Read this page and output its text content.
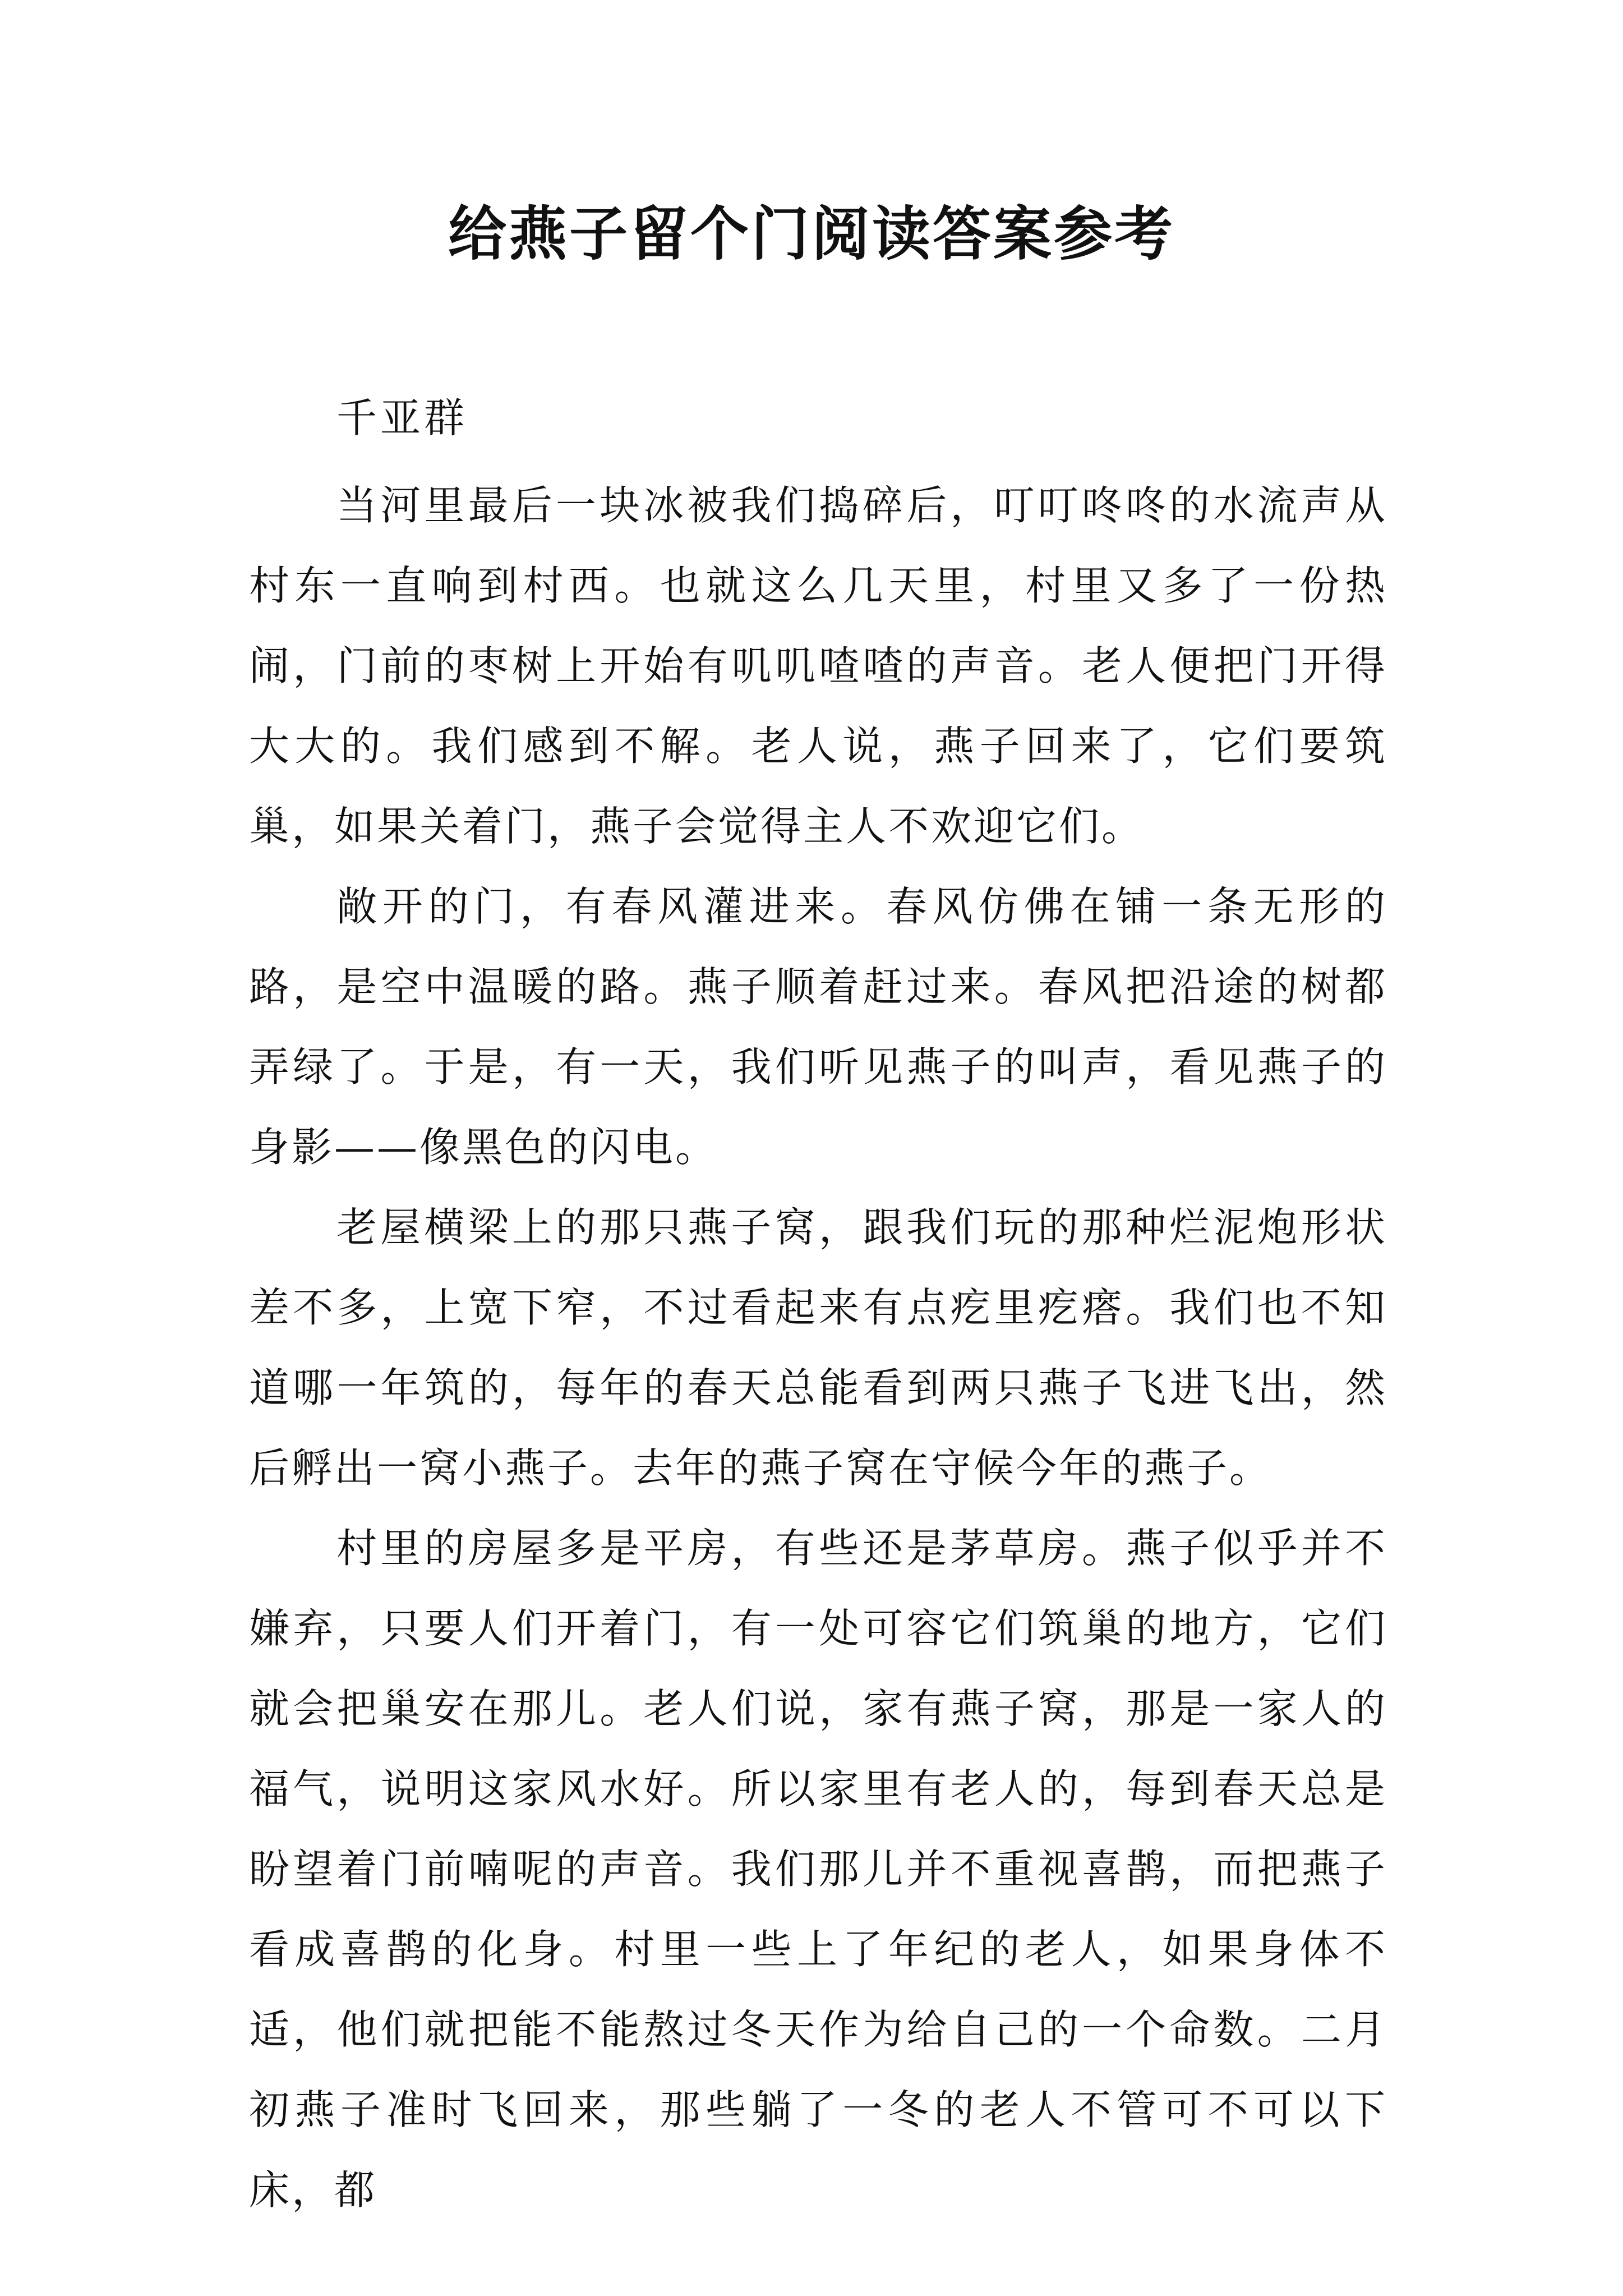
给燕子留个门阅读答案参考
千亚群

当河里最后一块冰被我们捣碎后，叮叮咚咚的水流声从村东一直响到村西。也就这么几天里，村里又多了一份热闹，门前的枣树上开始有叽叽喳喳的声音。老人便把门开得大大的。我们感到不解。老人说，燕子回来了，它们要筑巢，如果关着门，燕子会觉得主人不欢迎它们。

敞开的门，有春风灌进来。春风仿佛在铺一条无形的路，是空中温暖的路。燕子顺着赶过来。春风把沿途的树都弄绿了。于是，有一天，我们听见燕子的叫声，看见燕子的身影——像黑色的闪电。

老屋横梁上的那只燕子窝，跟我们玩的那种烂泥炮形状差不多，上宽下窄，不过看起来有点疙里疙瘩。我们也不知道哪一年筑的，每年的春天总能看到两只燕子飞进飞出，然后孵出一窝小燕子。去年的燕子窝在守候今年的燕子。

村里的房屋多是平房，有些还是茅草房。燕子似乎并不嫌弃，只要人们开着门，有一处可容它们筑巢的地方，它们就会把巢安在那儿。老人们说，家有燕子窝，那是一家人的福气，说明这家风水好。所以家里有老人的，每到春天总是盼望着门前喃呢的声音。我们那儿并不重视喜鹊，而把燕子看成喜鹊的化身。村里一些上了年纪的老人，如果身体不适，他们就把能不能熬过冬天作为给自己的一个命数。二月初燕子准时飞回来，那些躺了一冬的老人不管可不可以下床，都
